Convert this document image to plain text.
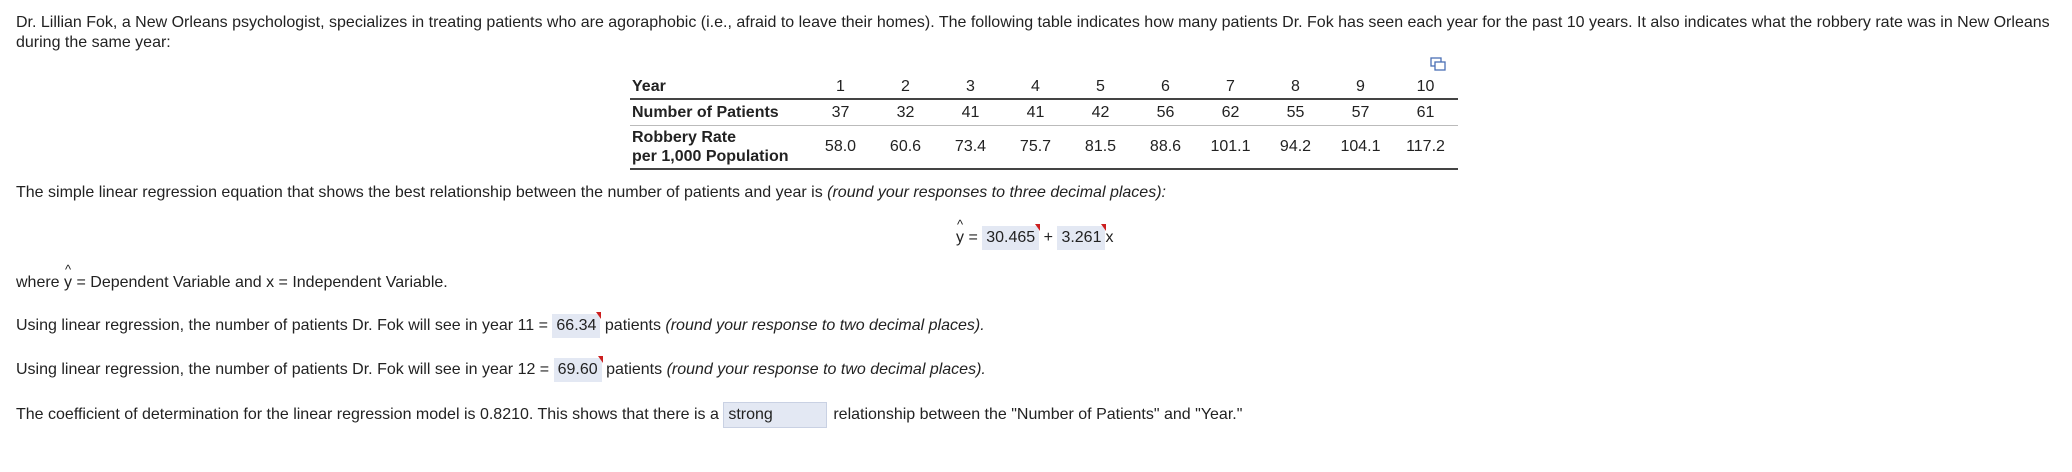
Dr. Lillian Fok, a New Orleans psychologist, specializes in treating patients who are agoraphobic (i.e., afraid to leave their homes). The following table indicates how many patients Dr. Fok has seen each year for the past 10 years. It also indicates what the robbery rate was in New Orleans during the same year:
Year	1	2	3	4	5	6	7	8	9	10
Number of Patients	37	32	41	41	42	56	62	55	57	61

Robbery Rate
per 1,000 Population	58.0	60.6	73.4	75.7	81.5	88.6	101.1	94.2	104.1	117.2
The simple linear regression equation that shows the best relationship between the number of patients and year is (round your responses to three decimal places):
^
y = 30.465 + 3.261 x
where
^
y = Dependent Variable and x = Independent Variable.
Using linear regression, the number of patients Dr. Fok will see in year 11 = 66.34
patients (round your response to two decimal places).
Using linear regression, the number of patients Dr. Fok will see in year 12 = 69.60
patients (round your response to two decimal places).
The coefficient of determination for the linear regression model is 0.8210. This shows that there is a strong	relationship between the "Number of Patients" and "Year."
